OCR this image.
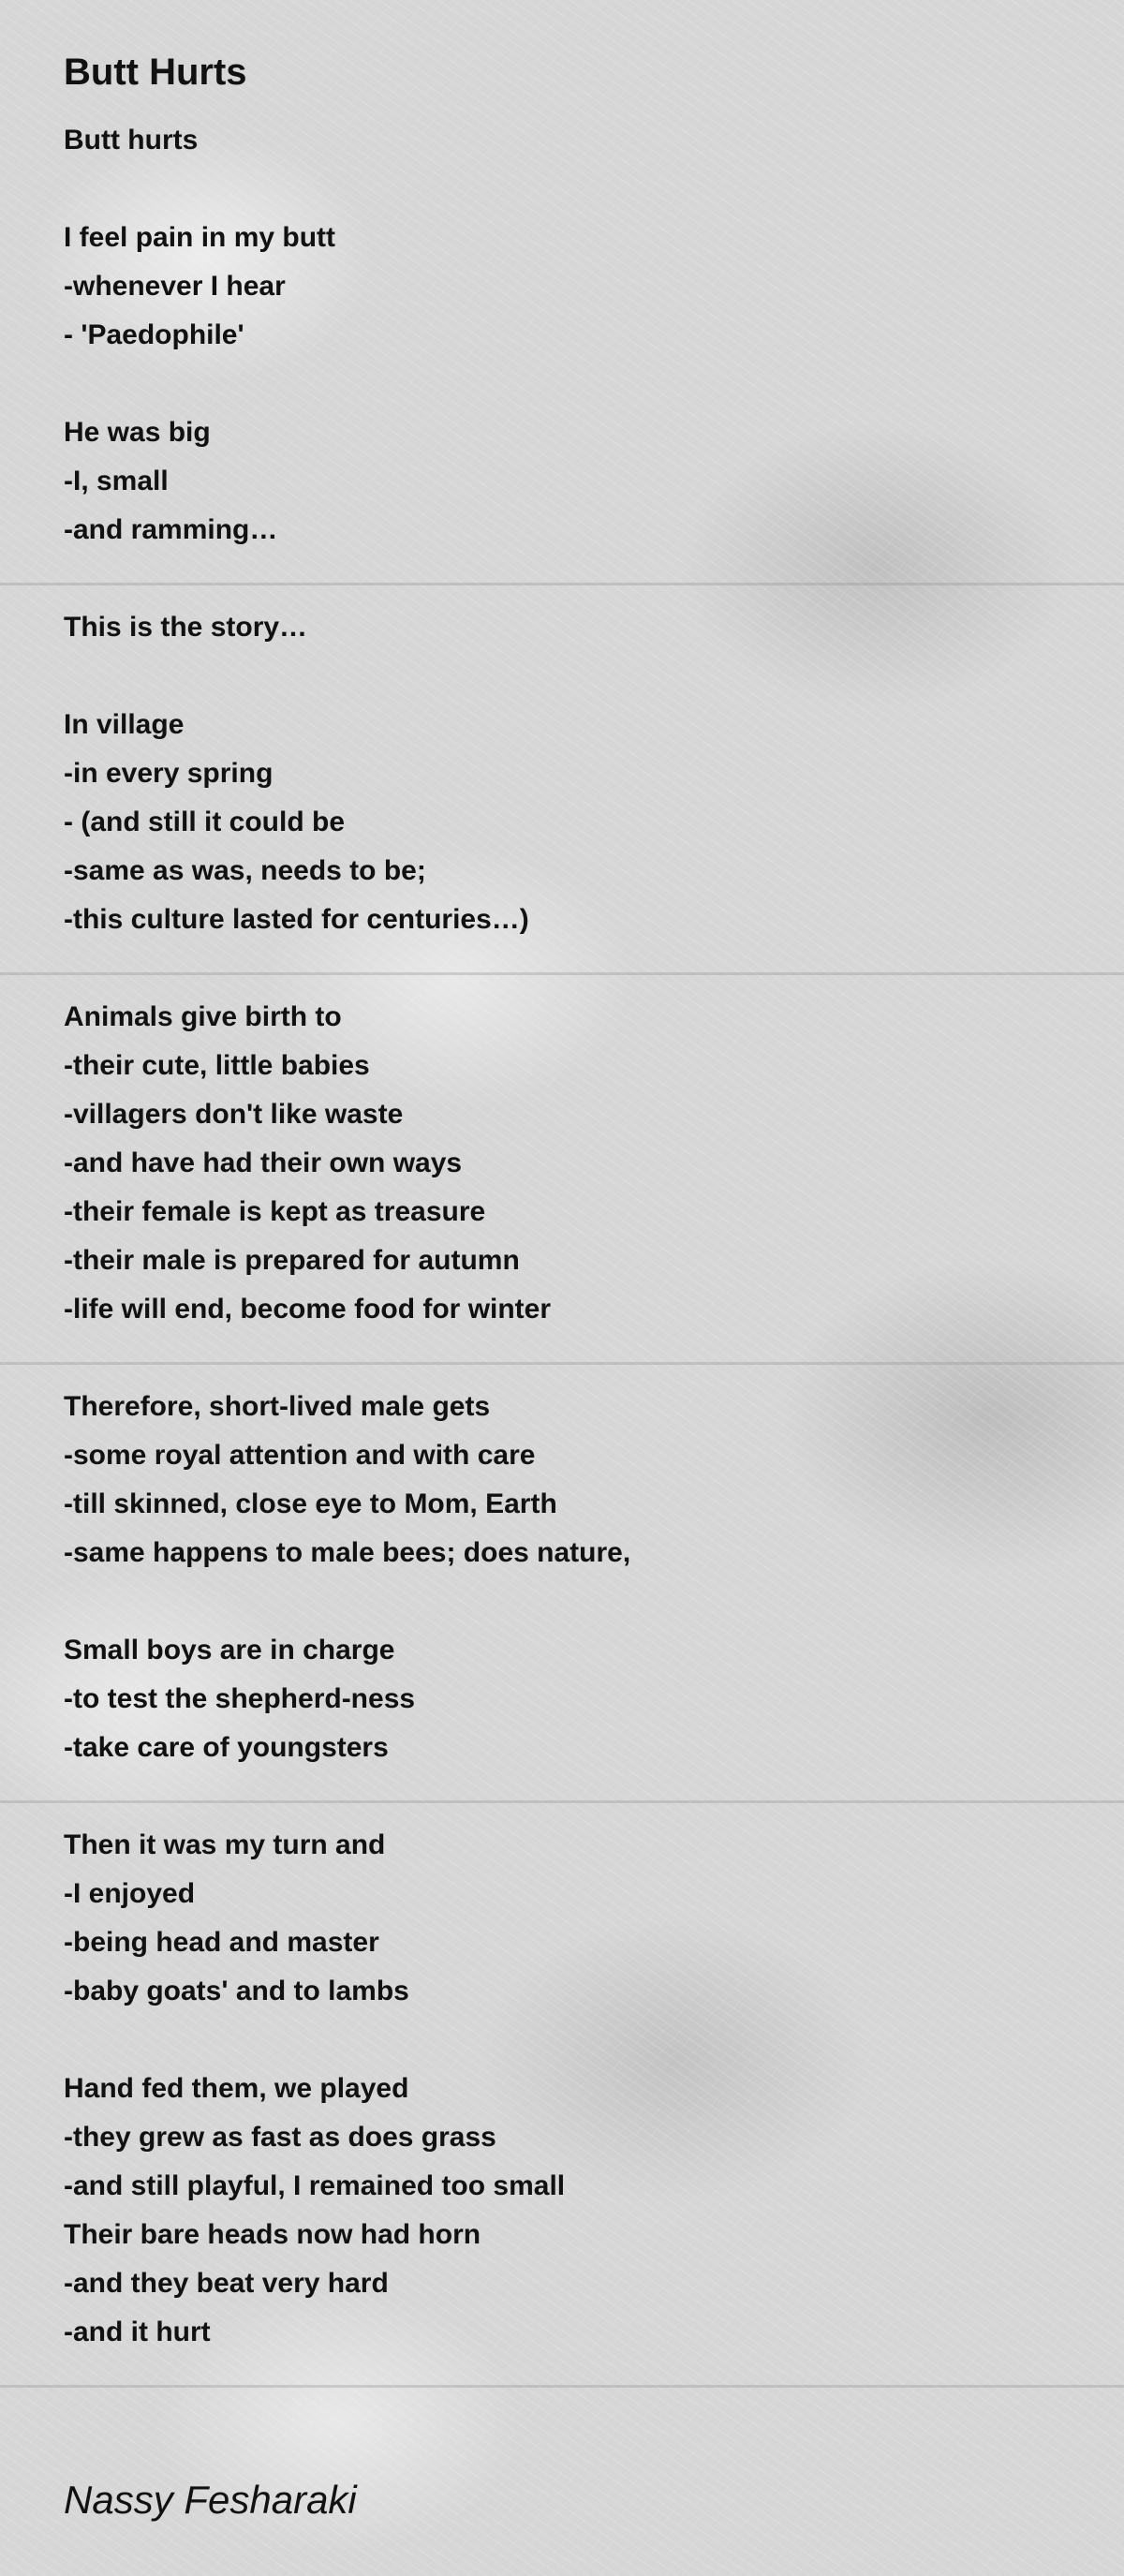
Butt Hurts
Butt hurts
I feel pain in my butt
-whenever I hear
- 'Paedophile'
He was big
-I, small
-and ramming…
This is the story…
In village
-in every spring
- (and still it could be
-same as was, needs to be;
-this culture lasted for centuries…)
Animals give birth to
-their cute, little babies
-villagers don't like waste
-and have had their own ways
-their female is kept as treasure
-their male is prepared for autumn
-life will end, become food for winter
Therefore, short-lived male gets
-some royal attention and with care
-till skinned, close eye to Mom, Earth
-same happens to male bees; does nature,
Small boys are in charge
-to test the shepherd-ness
-take care of youngsters
Then it was my turn and
-I enjoyed
-being head and master
-baby goats' and to lambs
Hand fed them, we played
-they grew as fast as does grass
-and still playful, I remained too small
Their bare heads now had horn
-and they beat very hard
-and it hurt
Nassy Fesharaki
